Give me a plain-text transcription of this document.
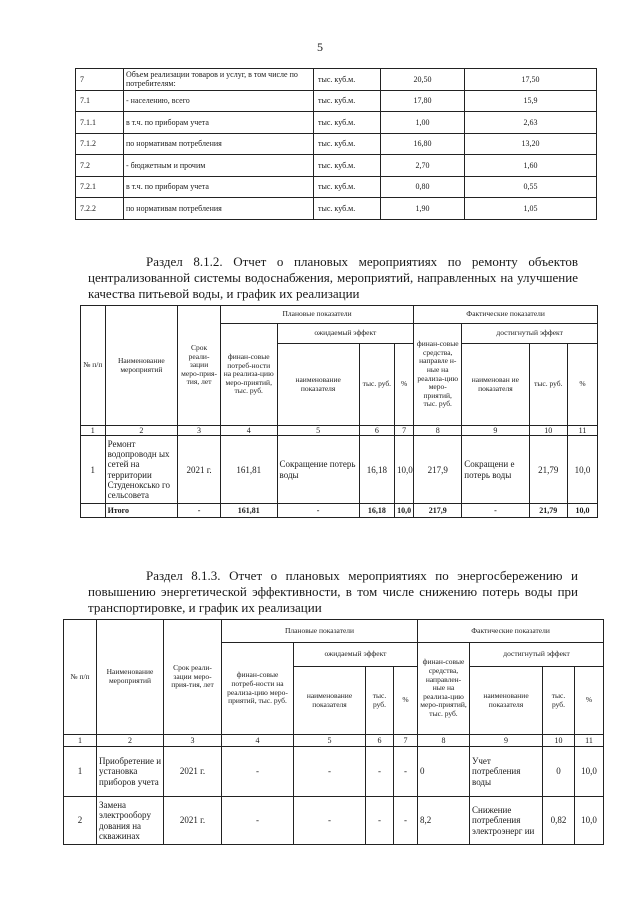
5
7	Объем реализации товаров и услуг, в том числе по потребителям:	тыс. куб.м.	20,50	17,50
7.1	- населению, всего	тыс. куб.м.	17,80	15,9
7.1.1	в т.ч. по приборам учета	тыс. куб.м.	1,00	2,63
7.1.2	по нормативам потребления	тыс. куб.м.	16,80	13,20
7.2	- бюджетным и прочим	тыс. куб.м.	2,70	1,60
7.2.1	в т.ч. по приборам учета	тыс. куб.м.	0,80	0,55
7.2.2	по нормативам потребления	тыс. куб.м.	1,90	1,05
Раздел 8.1.2. Отчет о плановых мероприятиях по ремонту объектов централизованной системы водоснабжения, мероприятий, направленных на улучшение качества питьевой воды, и график их реализации
№ п/п	Наименование мероприятий	Срок реали-зации меро-прия-тия, лет	Плановые показатели				Фактические показатели			
			финан-совые потреб-ности на реализа-цию меро-приятий, тыс. руб.	ожидаемый эффект			финан-совые средства, направле н-ные на реализа-цию меро-приятий, тыс. руб.	достигнутый эффект		
				наименование показателя	тыс. руб.	%		наименован ие показателя	тыс. руб.	%
1	2	3	4	5	6	7	8	9	10	11
1	Ремонт водопроводн ых сетей на территории Студеноксько го сельсовета	2021 г.	161,81	Сокращение потерь воды	16,18	10,0	217,9	Сокращени е потерь воды	21,79	10,0
	Итого	-	161,81	-	16,18	10,0	217,9	-	21,79	10,0
Раздел 8.1.3. Отчет о плановых мероприятиях по энергосбережению и повышению энергетической эффективности, в том числе снижению потерь воды при транспортировке, и график их реализации
№ п/п	Наименование мероприятий	Срок реали-зации меро-прия-тия, лет	Плановые показатели				Фактические показатели			
			финан-совые потреб-ности на реализа-цию меро-приятий, тыс. руб.	ожидаемый эффект			финан-совые средства, направлен-ные на реализа-цию меро-приятий, тыс. руб.	достигнутый эффект		
				наименование показателя	тыс. руб.	%		наименование показателя	тыс. руб.	%
1	2	3	4	5	6	7	8	9	10	11
1	Приобретение и установка приборов учета	2021 г.	-	-	-	-	0	Учет потребления воды	0	10,0
2	Замена электрообору дования на скважинах	2021 г.	-	-	-	-	8,2	Снижение потребления электроэнерг ии	0,82	10,0
